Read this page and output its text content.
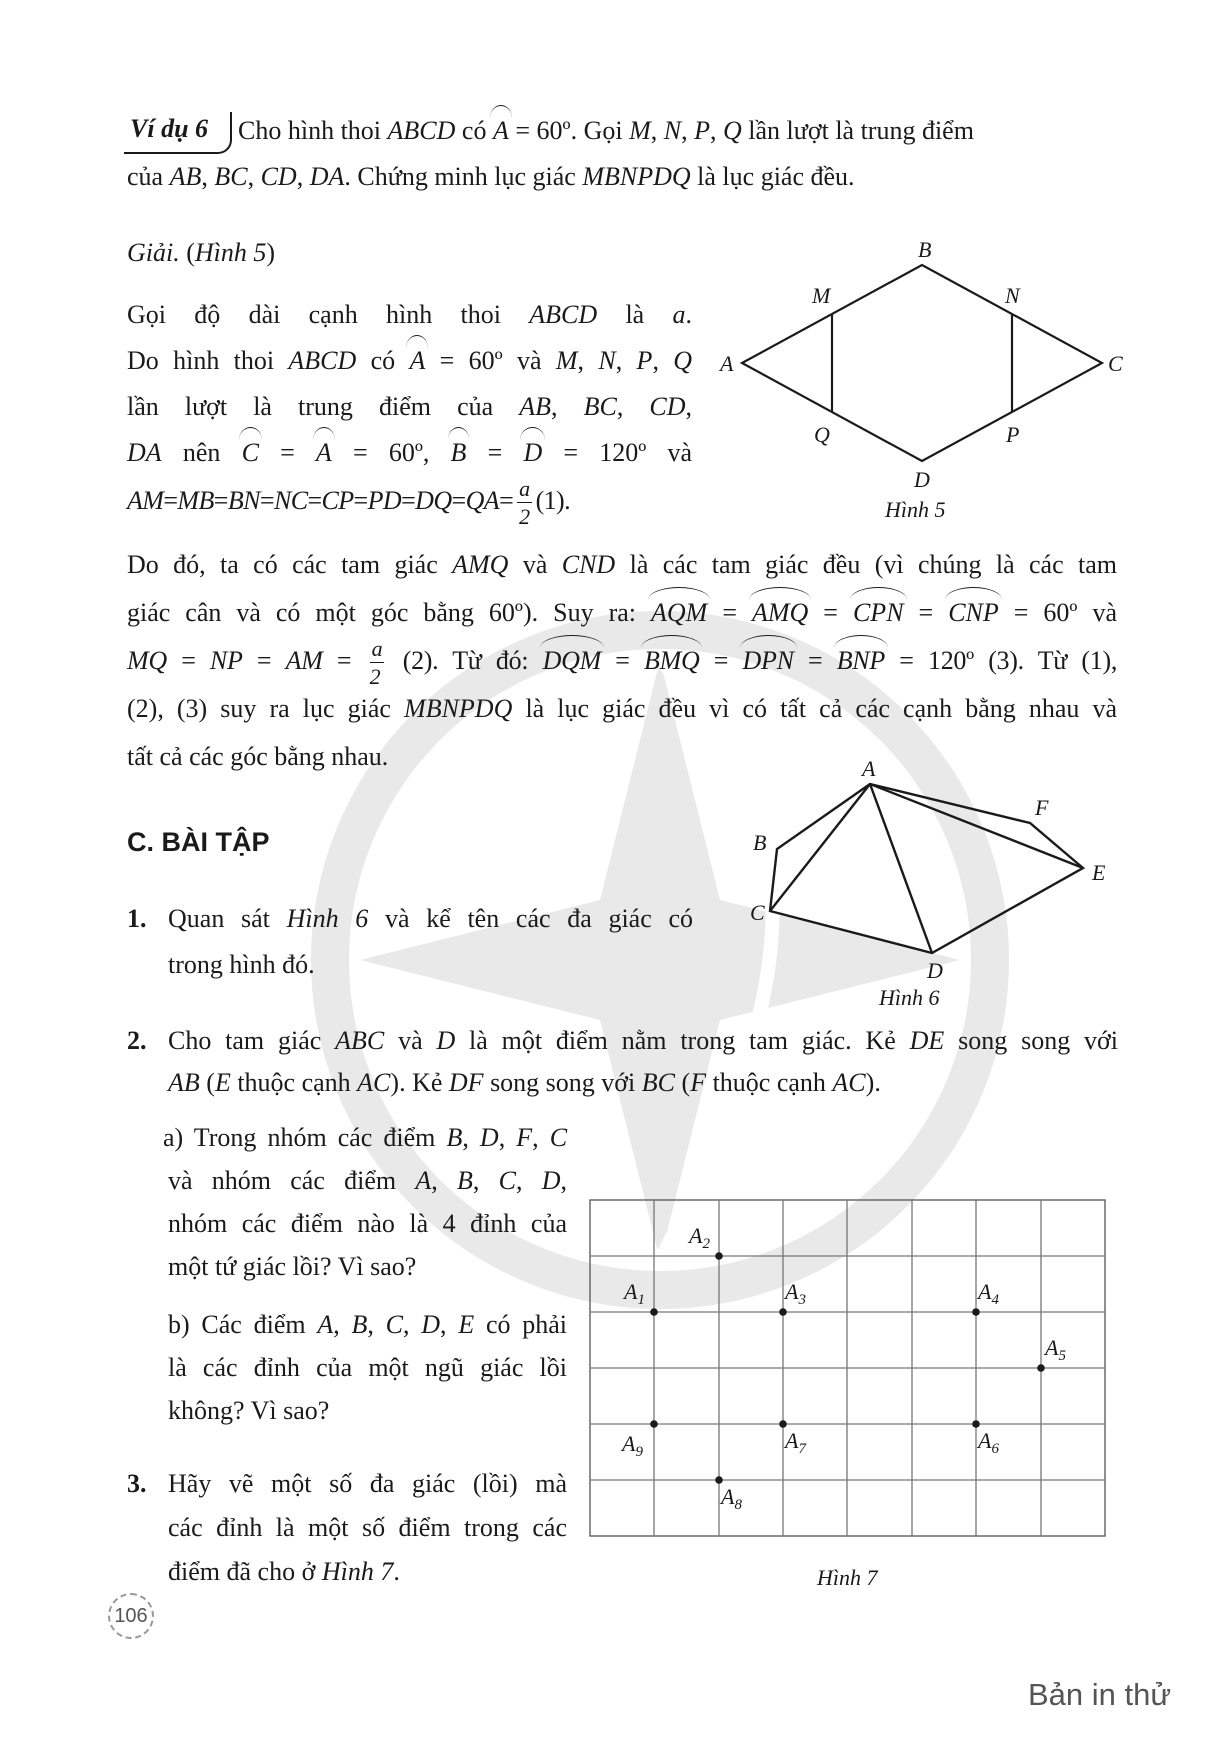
Ví dụ 6 Cho hình thoi ABCD có A = 60º. Gọi M, N, P, Q lần lượt là trung điểm
của AB, BC, CD, DA. Chứng minh lục giác MBNPDQ là lục giác đều.
Giải. (Hình 5)
Gọi độ dài cạnh hình thoi ABCD là a.
Do hình thoi ABCD có A = 60º và M, N, P, Q
lần lượt là trung điểm của AB, BC, CD,
DA nên C = A = 60º, B = D = 120º và
$AM=MB=BN=NC=CP=PD=DQ=QA= \frac{a}{2} (1)$.
B
M	N
A	C
Q	P
D
Hình 5
Do đó, ta có các tam giác AMQ và CND là các tam giác đều (vì chúng là các tam
giác cân và có một góc bằng 60º). Suy ra: AQM = AMQ = CPN = CNP = 60º và
MQ = NP = AM = $\frac{a}{2} (2)$. Từ đó: DQM = BMQ = DPN = BNP = 120º (3). Từ (1),
(2), (3) suy ra lục giác MBNPDQ là lục giác đều vì có tất cả các cạnh bằng nhau và
tất cả các góc bằng nhau.
C. BÀI TẬP
A
B
C
D
E
F
Hình 6
1. Quan sát Hình 6 và kể tên các đa giác có
trong hình đó.
2. Cho tam giác ABC và D là một điểm nằm trong tam giác. Kẻ DE song song với
AB (E thuộc cạnh AC). Kẻ DF song song với BC (F thuộc cạnh AC).
a) Trong nhóm các điểm B, D, F, C
và nhóm các điểm A, B, C, D,
nhóm các điểm nào là 4 đỉnh của
một tứ giác lồi? Vì sao?
b) Các điểm A, B, C, D, E có phải
là các đỉnh của một ngũ giác lồi
không? Vì sao?
3. Hãy vẽ một số đa giác (lồi) mà
các đỉnh là một số điểm trong các
điểm đã cho ở Hình 7.
$A_1$
$A_2$
$A_3$	$A_4$
$A_5$
$A_6$
$A_7$
$A_8$
$A_9$
Hình 7
106
Bản in thử
